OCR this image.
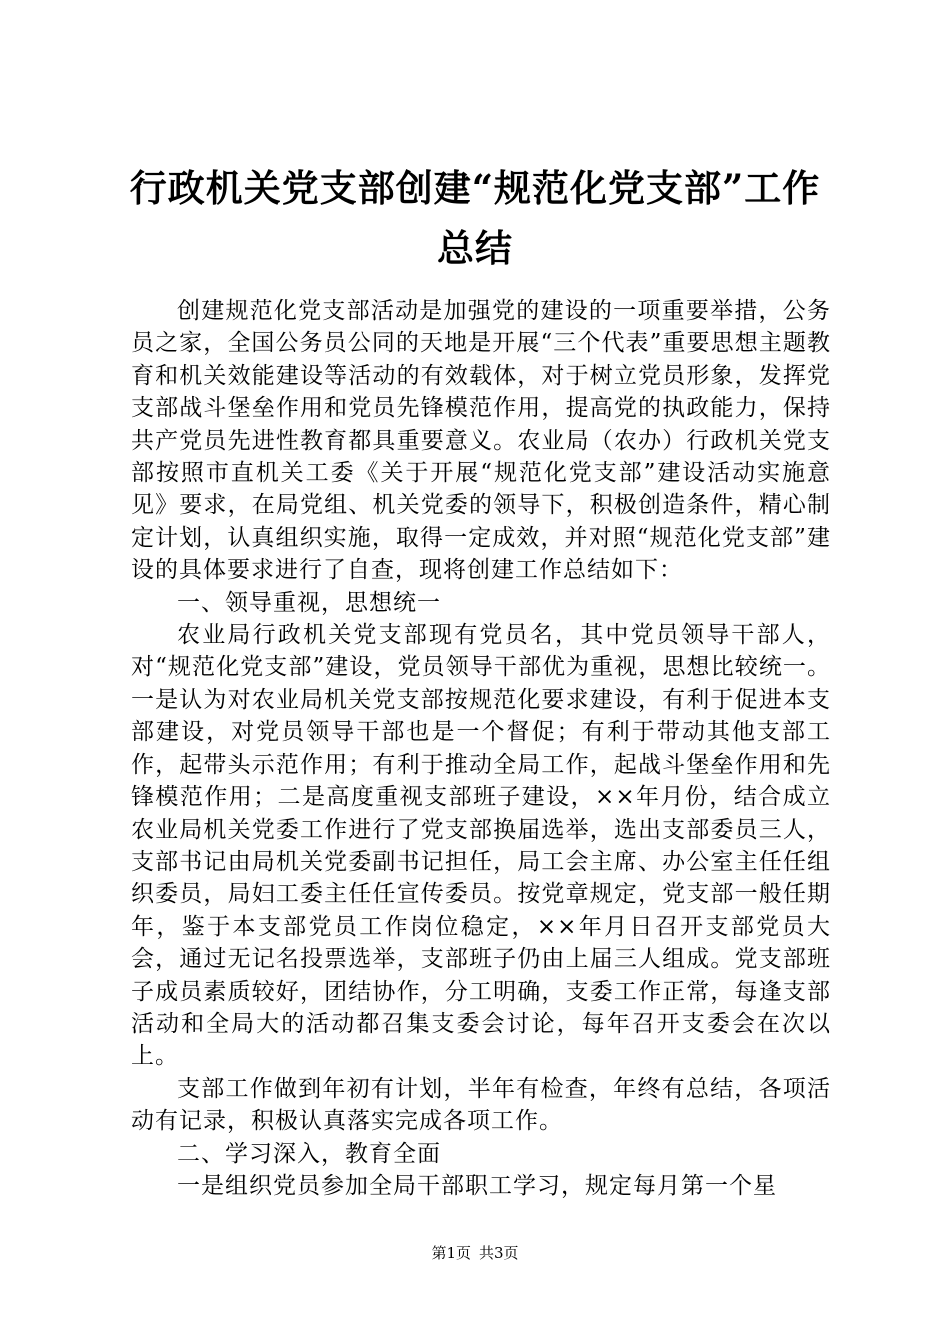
行政机关党支部创建“规范化党支部”工作总结

创建规范化党支部活动是加强党的建设的一项重要举措，公务员之家，全国公务员公同的天地是开展“三个代表”重要思想主题教育和机关效能建设等活动的有效载体，对于树立党员形象，发挥党支部战斗堡垒作用和党员先锋模范作用，提高党的执政能力，保持共产党员先进性教育都具重要意义。农业局（农办）行政机关党支部按照市直机关工委《关于开展“规范化党支部”建设活动实施意见》要求，在局党组、机关党委的领导下，积极创造条件，精心制定计划，认真组织实施，取得一定成效，并对照“规范化党支部”建设的具体要求进行了自查，现将创建工作总结如下：

一、领导重视，思想统一

农业局行政机关党支部现有党员名，其中党员领导干部人，对“规范化党支部”建设，党员领导干部优为重视，思想比较统一。一是认为对农业局机关党支部按规范化要求建设，有利于促进本支部建设，对党员领导干部也是一个督促；有利于带动其他支部工作，起带头示范作用；有利于推动全局工作，起战斗堡垒作用和先锋模范作用；二是高度重视支部班子建设，××年月份，结合成立农业局机关党委工作进行了党支部换届选举，选出支部委员三人，支部书记由局机关党委副书记担任，局工会主席、办公室主任任组织委员，局妇工委主任任宣传委员。按党章规定，党支部一般任期年，鉴于本支部党员工作岗位稳定，××年月日召开支部党员大会，通过无记名投票选举，支部班子仍由上届三人组成。党支部班子成员素质较好，团结协作，分工明确，支委工作正常，每逢支部活动和全局大的活动都召集支委会讨论，每年召开支委会在次以上。

支部工作做到年初有计划，半年有检查，年终有总结，各项活动有记录，积极认真落实完成各项工作。

二、学习深入，教育全面

一是组织党员参加全局干部职工学习，规定每月第一个星

第1页 共3页
